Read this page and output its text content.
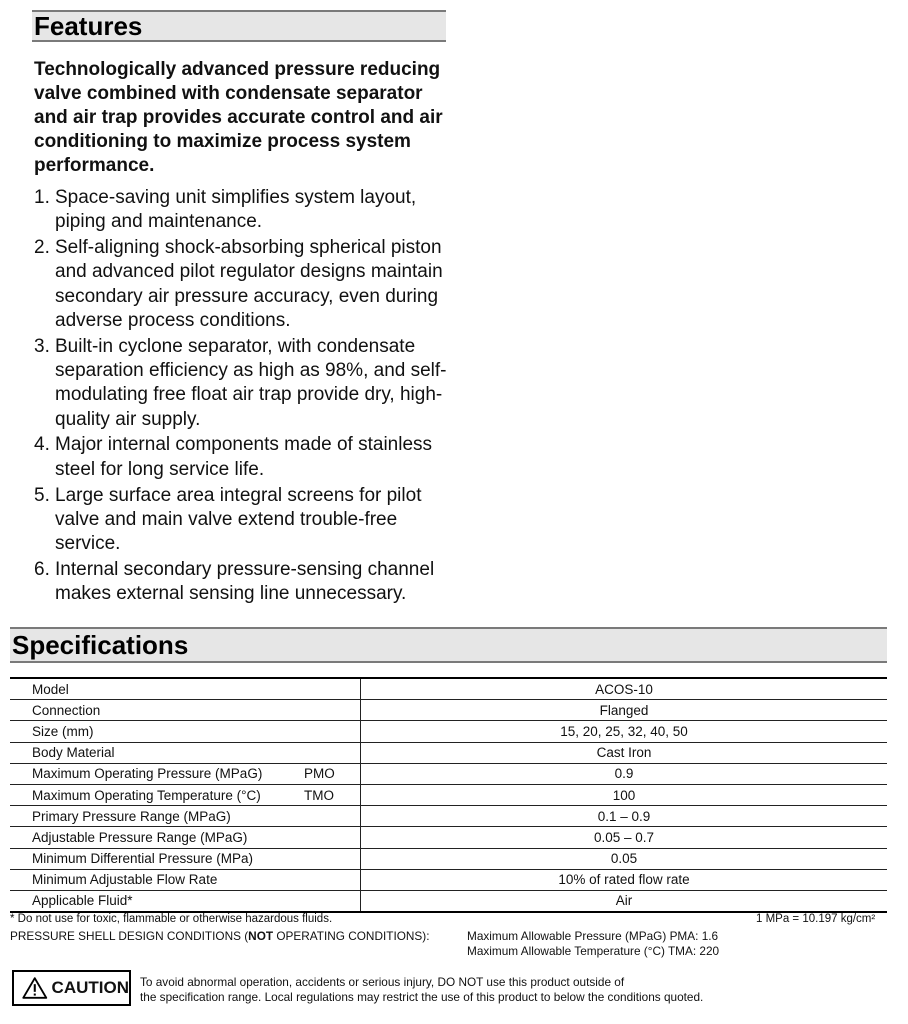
Features

Technologically advanced pressure reducing valve combined with condensate separator and air trap provides accurate control and air conditioning to maximize process system performance.

1. Space-saving unit simplifies system layout, piping and maintenance.
2. Self-aligning shock-absorbing spherical piston and advanced pilot regulator designs maintain secondary air pressure accuracy, even during adverse process conditions.
3. Built-in cyclone separator, with condensate separation efficiency as high as 98%, and self-modulating free float air trap provide dry, high-quality air supply.
4. Major internal components made of stainless steel for long service life.
5. Large surface area integral screens for pilot valve and main valve extend trouble-free service.
6. Internal secondary pressure-sensing channel makes external sensing line unnecessary.
Specifications
Model	ACOS-10
Connection	Flanged
Size (mm)	15, 20, 25, 32, 40, 50
Body Material	Cast Iron
Maximum Operating Pressure (MPaG) PMO	0.9
Maximum Operating Temperature (°C) TMO	100
Primary Pressure Range (MPaG)	0.1 – 0.9
Adjustable Pressure Range (MPaG)	0.05 – 0.7
Minimum Differential Pressure (MPa)	0.05
Minimum Adjustable Flow Rate	10% of rated flow rate
Applicable Fluid*	Air
* Do not use for toxic, flammable or otherwise hazardous fluids.	1 MPa = 10.197 kg/cm²
PRESSURE SHELL DESIGN CONDITIONS (NOT OPERATING CONDITIONS):	Maximum Allowable Pressure (MPaG) PMA: 1.6
Maximum Allowable Temperature (°C) TMA: 220
CAUTION To avoid abnormal operation, accidents or serious injury, DO NOT use this product outside of
the specification range. Local regulations may restrict the use of this product to below the conditions quoted.
